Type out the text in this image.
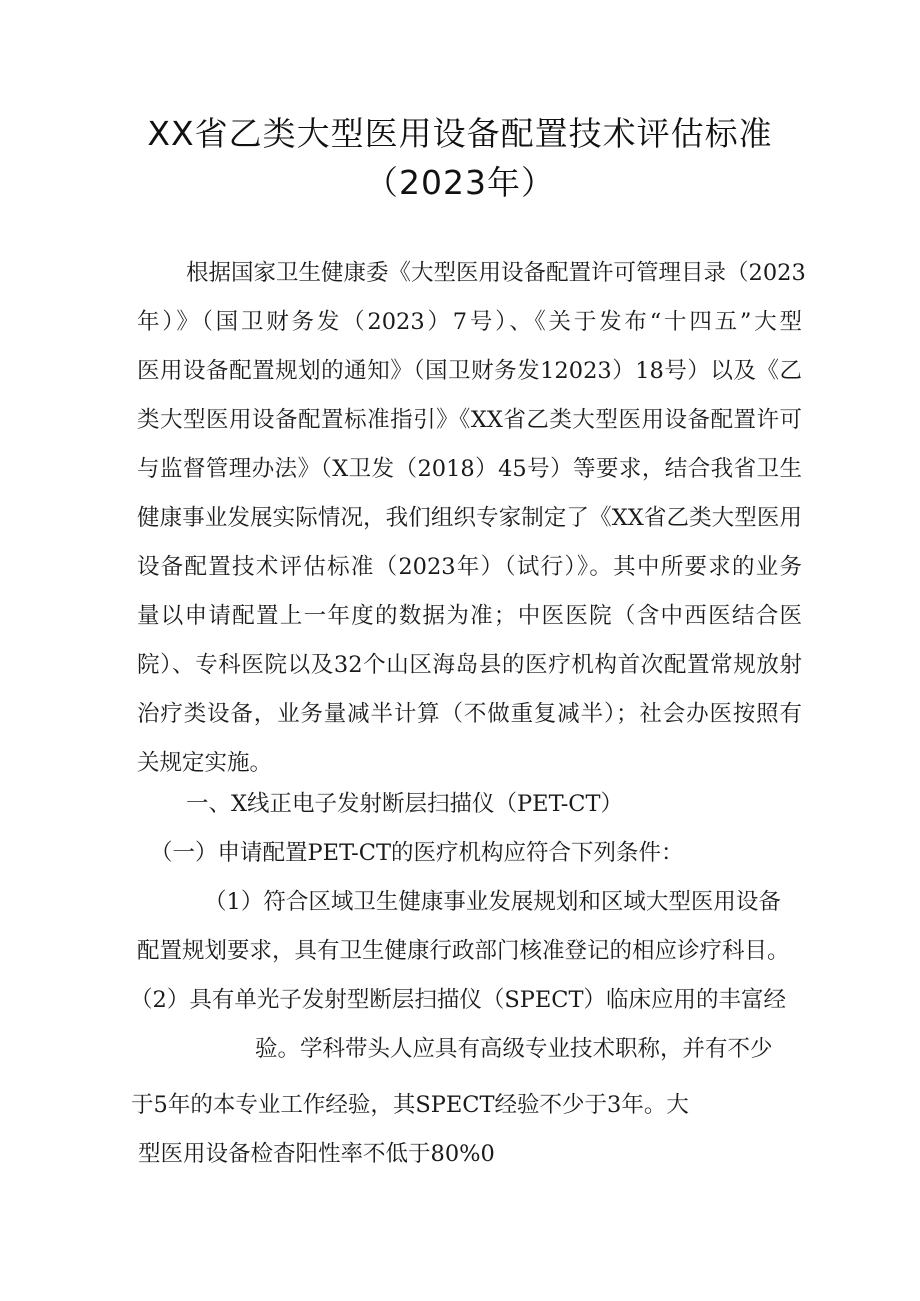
XX省乙类大型医用设备配置技术评估标准
（2023年）
根据国家卫生健康委《大型医用设备配置许可管理目录（2023
年）》（国卫财务发（2023）7号）、《关于发布“十四五”大型
医用设备配置规划的通知》（国卫财务发12023）18号）以及《乙
类大型医用设备配置标准指引》《XX省乙类大型医用设备配置许可
与监督管理办法》（X卫发（2018）45号）等要求，结合我省卫生
健康事业发展实际情况，我们组织专家制定了《XX省乙类大型医用
设备配置技术评估标准（2023年）（试行）》。其中所要求的业务
量以申请配置上一年度的数据为准；中医医院（含中西医结合医
院）、专科医院以及32个山区海岛县的医疗机构首次配置常规放射
治疗类设备，业务量减半计算（不做重复减半）；社会办医按照有
关规定实施。
一、X线正电子发射断层扫描仪（PET-CT）
（一）申请配置PET-CT的医疗机构应符合下列条件：
（1）符合区域卫生健康事业发展规划和区域大型医用设备
配置规划要求，具有卫生健康行政部门核准登记的相应诊疗科目。
（2）具有单光子发射型断层扫描仪（SPECT）临床应用的丰富经
验。学科带头人应具有高级专业技术职称，并有不少
于5年的本专业工作经验，其SPECT经验不少于3年。大
型医用设备检杳阳性率不低于80%0
